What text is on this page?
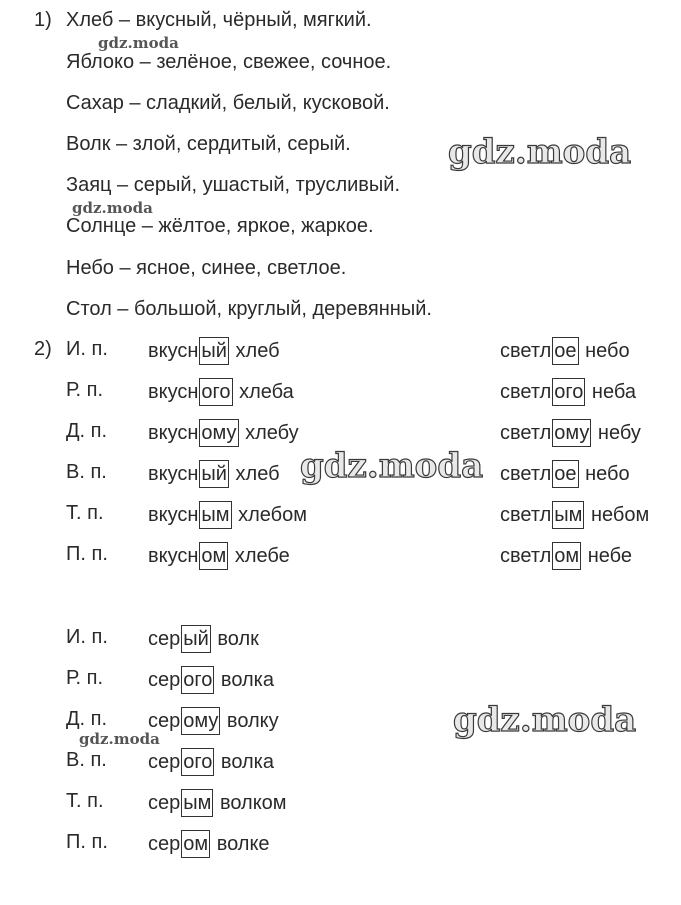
1) Хлеб – вкусный, чёрный, мягкий.
Яблоко – зелёное, свежее, сочное.
Сахар – сладкий, белый, кусковой.
Волк – злой, сердитый, серый.
Заяц – серый, ушастый, трусливый.
Солнце – жёлтое, яркое, жаркое.
Небо – ясное, синее, светлое.
Стол – большой, круглый, деревянный.
2) И. п. вкусн ый хлеб	светл ое небо
Р. п. вкусн ого хлеба	светл ого неба
Д. п. вкусн ому хлебу	светл ому небу
В. п. вкусн ый хлеб	светл ое небо
Т. п. вкусн ым хлебом	светл ым небом
П. п. вкусн ом хлебе	светл ом небе
И. п. сер ый волк
Р. п. сер ого волка
Д. п. сер ому волку
В. п. сер ого волка
Т. п. сер ым волком
П. п. сер ом волке
gdz.moda
gdz.moda
gdz.moda
gdz.moda
gdz.moda
gdz.moda
